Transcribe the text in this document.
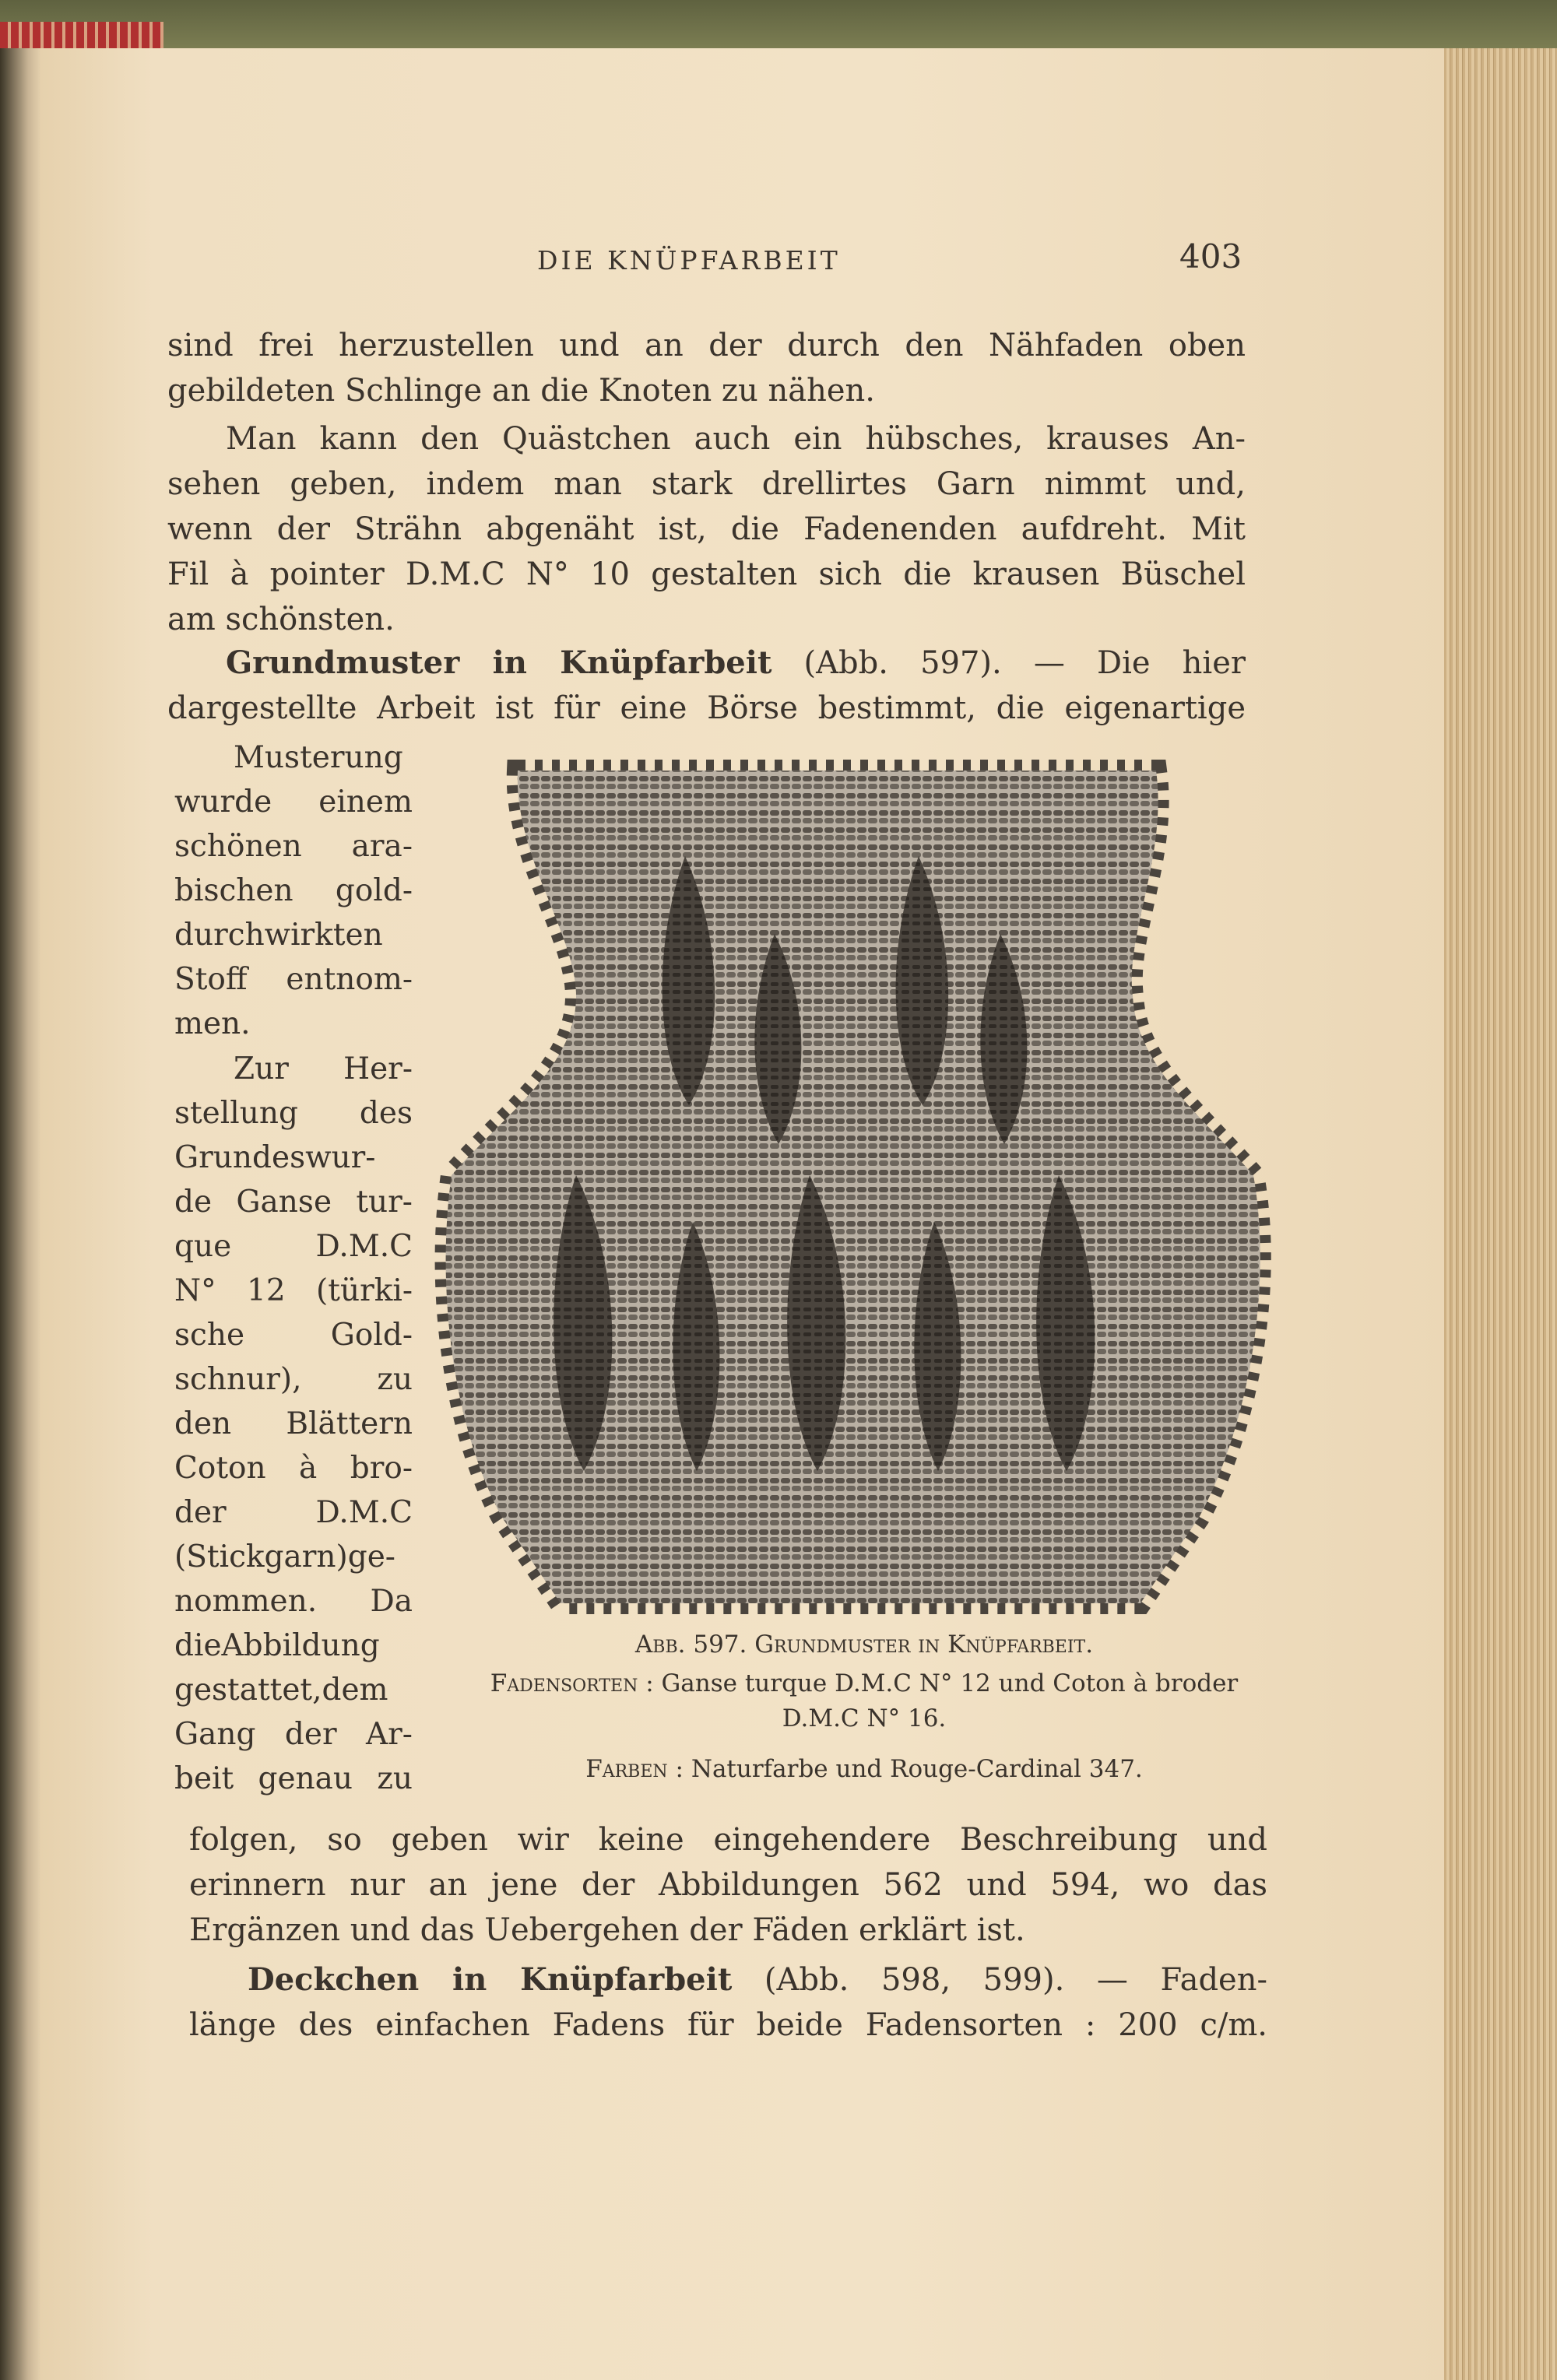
DIE KNÜPFARBEIT	403
sind frei herzustellen und an der durch den Nähfaden oben
gebildeten Schlinge an die Knoten zu nähen.
Man kann den Quästchen auch ein hübsches, krauses An-
sehen geben, indem man stark drellirtes Garn nimmt und,
wenn der Strähn abgenäht ist, die Fadenenden aufdreht. Mit
Fil à pointer D.M.C N° 10 gestalten sich die krausen Büschel
am schönsten.
Grundmuster in Knüpfarbeit (Abb. 597). — Die hier
dargestellte Arbeit ist für eine Börse bestimmt, die eigenartige
Musterung
wurde einem
schönen ara-
bischen gold-
durchwirkten
Stoff entnom-
men.
Zur Her-
stellung des
Grundeswur-
de Ganse tur-
que D.M.C
N° 12 (türki-
sche Gold-
schnur), zu
den Blättern
Coton à bro-
der D.M.C
(Stickgarn)ge-
nommen. Da
dieAbbildung
gestattet,dem
Gang der Ar-
beit genau zu
folgen, so geben wir keine eingehendere Beschreibung und
erinnern nur an jene der Abbildungen 562 und 594, wo das
Ergänzen und das Uebergehen der Fäden erklärt ist.
Deckchen in Knüpfarbeit (Abb. 598, 599). — Faden-
länge des einfachen Fadens für beide Fadensorten : 200 c/m.
Abb. 597. Grundmuster in Knüpfarbeit.
Fadensorten : Ganse turque D.M.C N° 12 und Coton à broder
D.M.C N° 16.
Farben : Naturfarbe und Rouge-Cardinal 347.
